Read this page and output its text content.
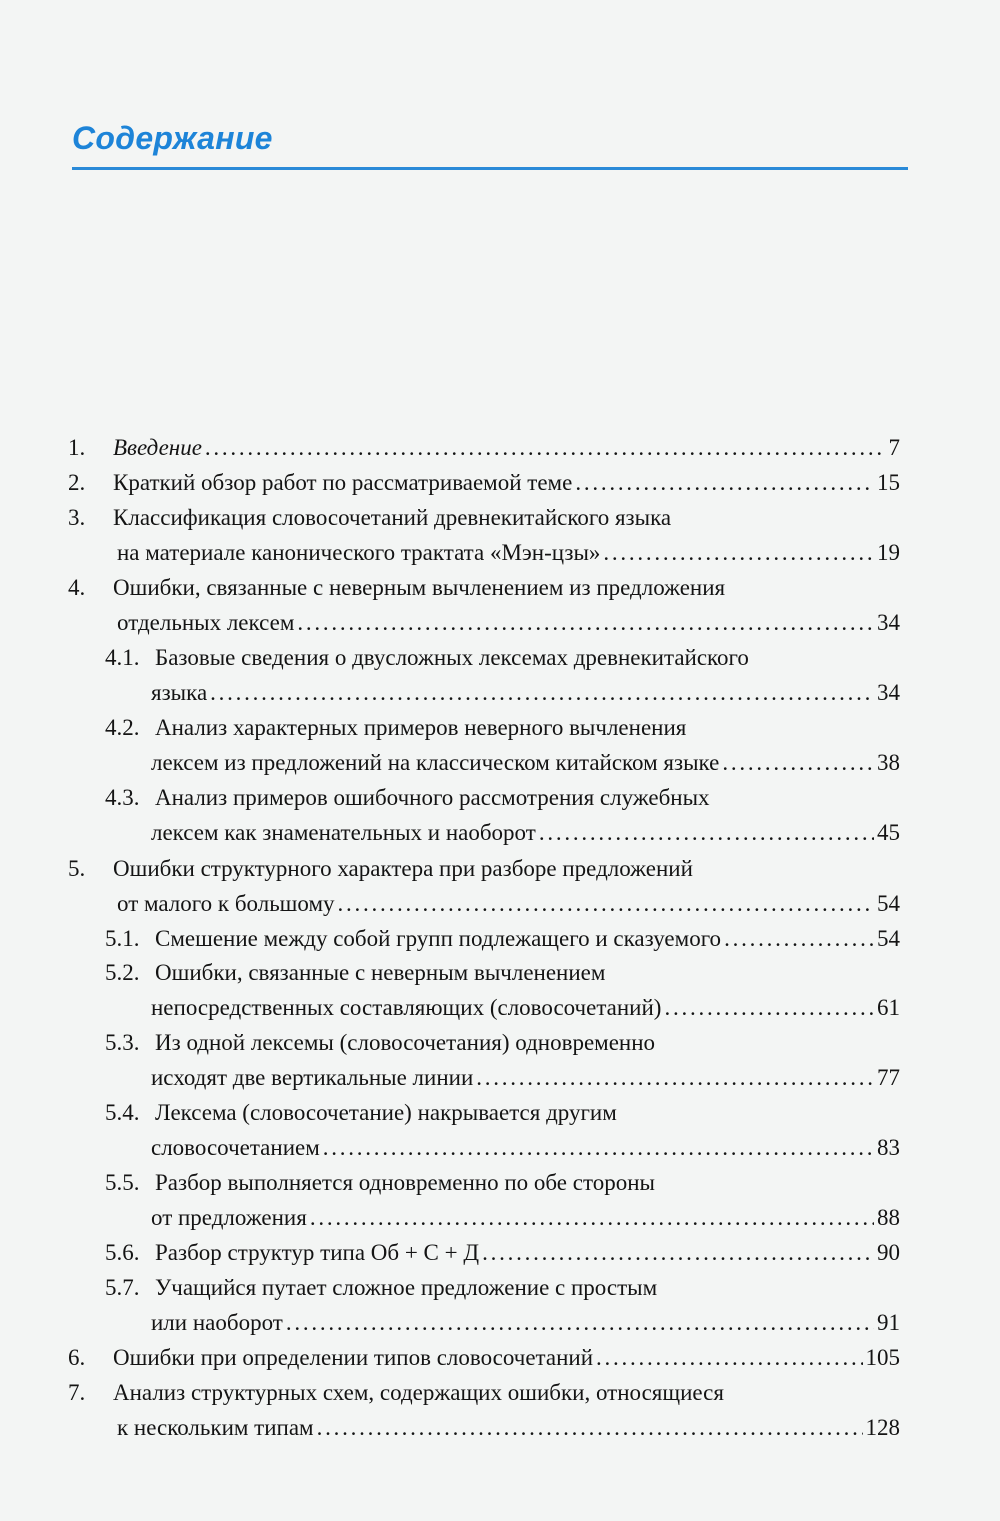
Содержание
1. Введение . . .	7
2. Краткий обзор работ по рассматриваемой теме . . .	15
3. Классификация словосочетаний древнекитайского языка
на материале канонического трактата «Мэн-цзы» . . .	19
4. Ошибки, связанные с неверным вычленением из предложения
отдельных лексем . . .	34
4.1. Базовые сведения о двусложных лексемах древнекитайского
языка . . .	34
4.2. Анализ характерных примеров неверного вычленения
лексем из предложений на классическом китайском языке . . .	38
4.3. Анализ примеров ошибочного рассмотрения служебных
лексем как знаменательных и наоборот . . .	45
5. Ошибки структурного характера при разборе предложений
от малого к большому . . .	54
5.1. Смешение между собой групп подлежащего и сказуемого . . .	54
5.2. Ошибки, связанные с неверным вычленением
непосредственных составляющих (словосочетаний) . . .	61
5.3. Из одной лексемы (словосочетания) одновременно
исходят две вертикальные линии . . .	77
5.4. Лексема (словосочетание) накрывается другим
словосочетанием . . .	83
5.5. Разбор выполняется одновременно по обе стороны
от предложения . . .	88
5.6. Разбор структур типа Об + С + Д . . .	90
5.7. Учащийся путает сложное предложение с простым
или наоборот . . .	91
6. Ошибки при определении типов словосочетаний . . .	105
7. Анализ структурных схем, содержащих ошибки, относящиеся
к нескольким типам . . .	128
